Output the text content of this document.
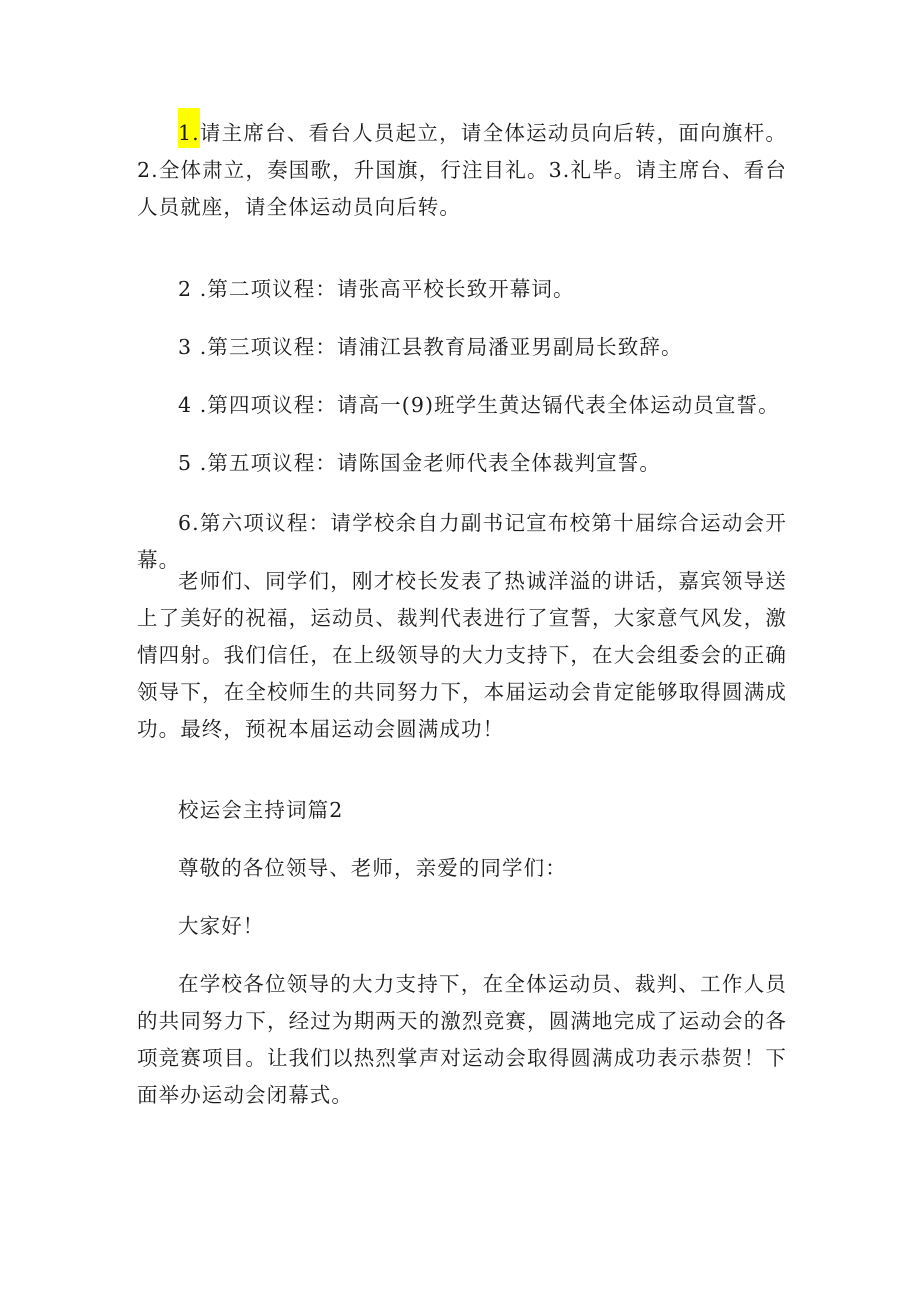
1.请主席台、看台人员起立，请全体运动员向后转，面向旗杆。2.全体肃立，奏国歌，升国旗，行注目礼。3.礼毕。请主席台、看台人员就座，请全体运动员向后转。

2 .第二项议程：请张高平校长致开幕词。

3 .第三项议程：请浦江县教育局潘亚男副局长致辞。

4 .第四项议程：请高一(9)班学生黄达镉代表全体运动员宣誓。

5 .第五项议程：请陈国金老师代表全体裁判宣誓。

6.第六项议程：请学校余自力副书记宣布校第十届综合运动会开幕。

老师们、同学们，刚才校长发表了热诚洋溢的讲话，嘉宾领导送上了美好的祝福，运动员、裁判代表进行了宣誓，大家意气风发，激情四射。我们信任，在上级领导的大力支持下，在大会组委会的正确领导下，在全校师生的共同努力下，本届运动会肯定能够取得圆满成功。最终，预祝本届运动会圆满成功！

校运会主持词篇2

尊敬的各位领导、老师，亲爱的同学们：

大家好！

在学校各位领导的大力支持下，在全体运动员、裁判、工作人员的共同努力下，经过为期两天的激烈竞赛，圆满地完成了运动会的各项竞赛项目。让我们以热烈掌声对运动会取得圆满成功表示恭贺！下面举办运动会闭幕式。
